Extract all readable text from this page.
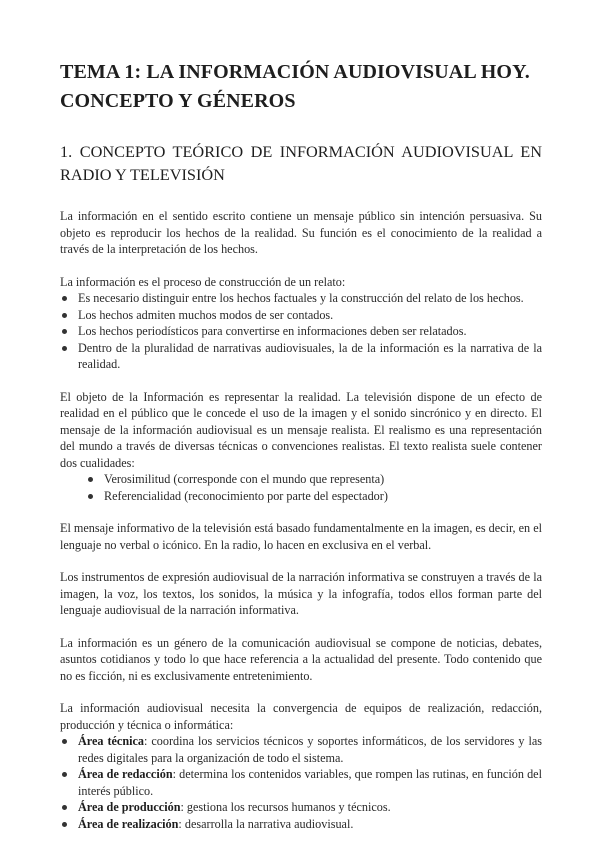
TEMA 1: LA INFORMACIÓN AUDIOVISUAL HOY.
CONCEPTO Y GÉNEROS
1. CONCEPTO TEÓRICO DE INFORMACIÓN AUDIOVISUAL EN RADIO Y TELEVISIÓN

La información en el sentido escrito contiene un mensaje público sin intención persuasiva. Su objeto es reproducir los hechos de la realidad. Su función es el conocimiento de la realidad a través de la interpretación de los hechos.

La información es el proceso de construcción de un relato:

Es necesario distinguir entre los hechos factuales y la construcción del relato de los hechos.
Los hechos admiten muchos modos de ser contados.
Los hechos periodísticos para convertirse en informaciones deben ser relatados.
Dentro de la pluralidad de narrativas audiovisuales, la de la información es la narrativa de la realidad.

El objeto de la Información es representar la realidad. La televisión dispone de un efecto de realidad en el público que le concede el uso de la imagen y el sonido sincrónico y en directo. El mensaje de la información audiovisual es un mensaje realista. El realismo es una representación del mundo a través de diversas técnicas o convenciones realistas. El texto realista suele contener dos cualidades:

Verosimilitud (corresponde con el mundo que representa)
Referencialidad (reconocimiento por parte del espectador)

El mensaje informativo de la televisión está basado fundamentalmente en la imagen, es decir, en el lenguaje no verbal o icónico. En la radio, lo hacen en exclusiva en el verbal.

Los instrumentos de expresión audiovisual de la narración informativa se construyen a través de la imagen, la voz, los textos, los sonidos, la música y la infografía, todos ellos forman parte del lenguaje audiovisual de la narración informativa.

La información es un género de la comunicación audiovisual se compone de noticias, debates, asuntos cotidianos y todo lo que hace referencia a la actualidad del presente. Todo contenido que no es ficción, ni es exclusivamente entretenimiento.

La información audiovisual necesita la convergencia de equipos de realización, redacción, producción y técnica o informática:

Área técnica: coordina los servicios técnicos y soportes informáticos, de los servidores y las redes digitales para la organización de todo el sistema.
Área de redacción: determina los contenidos variables, que rompen las rutinas, en función del interés público.
Área de producción: gestiona los recursos humanos y técnicos.
Área de realización: desarrolla la narrativa audiovisual.
